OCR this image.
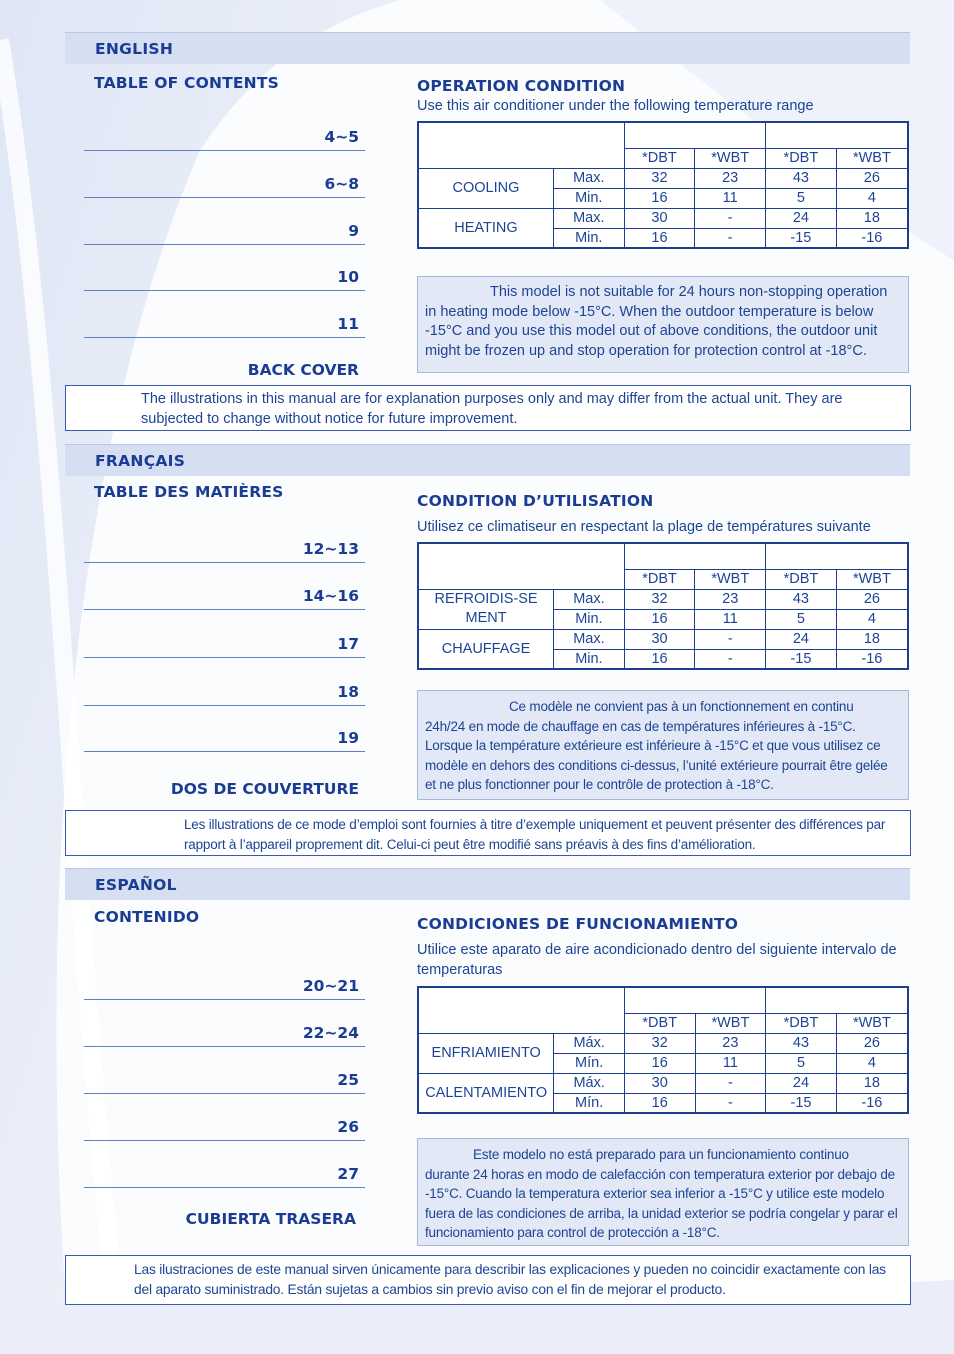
ENGLISH
TABLE OF CONTENTS
4~5
6~8
9
10
11
BACK COVER
OPERATION CONDITION
Use this air conditioner under the following temperature range

		*DBT	*WBT	*DBT	*WBT
COOLING	Max.	32	23	43	26
	Min.	16	11	5	4
HEATING	Max.	30	-	24	18
	Min.	16	-	-15	-16
This model is not suitable for 24 hours non-stopping operation
in heating mode below -15°C. When the outdoor temperature is below -15°C and you use this model out of above conditions, the outdoor unit might be frozen up and stop operation for protection control at -18°C.
The illustrations in this manual are for explanation purposes only and may differ from the actual unit. They are subjected to change without notice for future improvement.
FRANÇAIS
TABLE DES MATIÈRES
12~13
14~16
17
18
19
DOS DE COUVERTURE
CONDITION D’UTILISATION
Utilisez ce climatiseur en respectant la plage de températures suivante

		*DBT	*WBT	*DBT	*WBT
REFROIDIS-SEMENT	Max.	32	23	43	26
	Min.	16	11	5	4
CHAUFFAGE	Max.	30	-	24	18
	Min.	16	-	-15	-16
Ce modèle ne convient pas à un fonctionnement en continu
24h/24 en mode de chauffage en cas de températures inférieures à -15°C. Lorsque la température extérieure est inférieure à -15°C et que vous utilisez ce modèle en dehors des conditions ci-dessus, l’unité extérieure pourrait être gelée et ne plus fonctionner pour le contrôle de protection à -18°C.
Les illustrations de ce mode d’emploi sont fournies à titre d’exemple uniquement et peuvent présenter des différences par rapport à l’appareil proprement dit. Celui-ci peut être modifié sans préavis à des fins d’amélioration.
ESPAÑOL
CONTENIDO
20~21
22~24
25
26
27
CUBIERTA TRASERA
CONDICIONES DE FUNCIONAMIENTO
Utilice este aparato de aire acondicionado dentro del siguiente intervalo de temperaturas

		*DBT	*WBT	*DBT	*WBT
ENFRIAMIENTO	Máx.	32	23	43	26
	Mín.	16	11	5	4
CALENTAMIENTO	Máx.	30	-	24	18
	Mín.	16	-	-15	-16
Este modelo no está preparado para un funcionamiento continuo
durante 24 horas en modo de calefacción con temperatura exterior por debajo de -15°C. Cuando la temperatura exterior sea inferior a -15°C y utilice este modelo fuera de las condiciones de arriba, la unidad exterior se podría congelar y parar el funcionamiento para control de protección a -18°C.
Las ilustraciones de este manual sirven únicamente para describir las explicaciones y pueden no coincidir exactamente con las del aparato suministrado. Están sujetas a cambios sin previo aviso con el fin de mejorar el producto.
